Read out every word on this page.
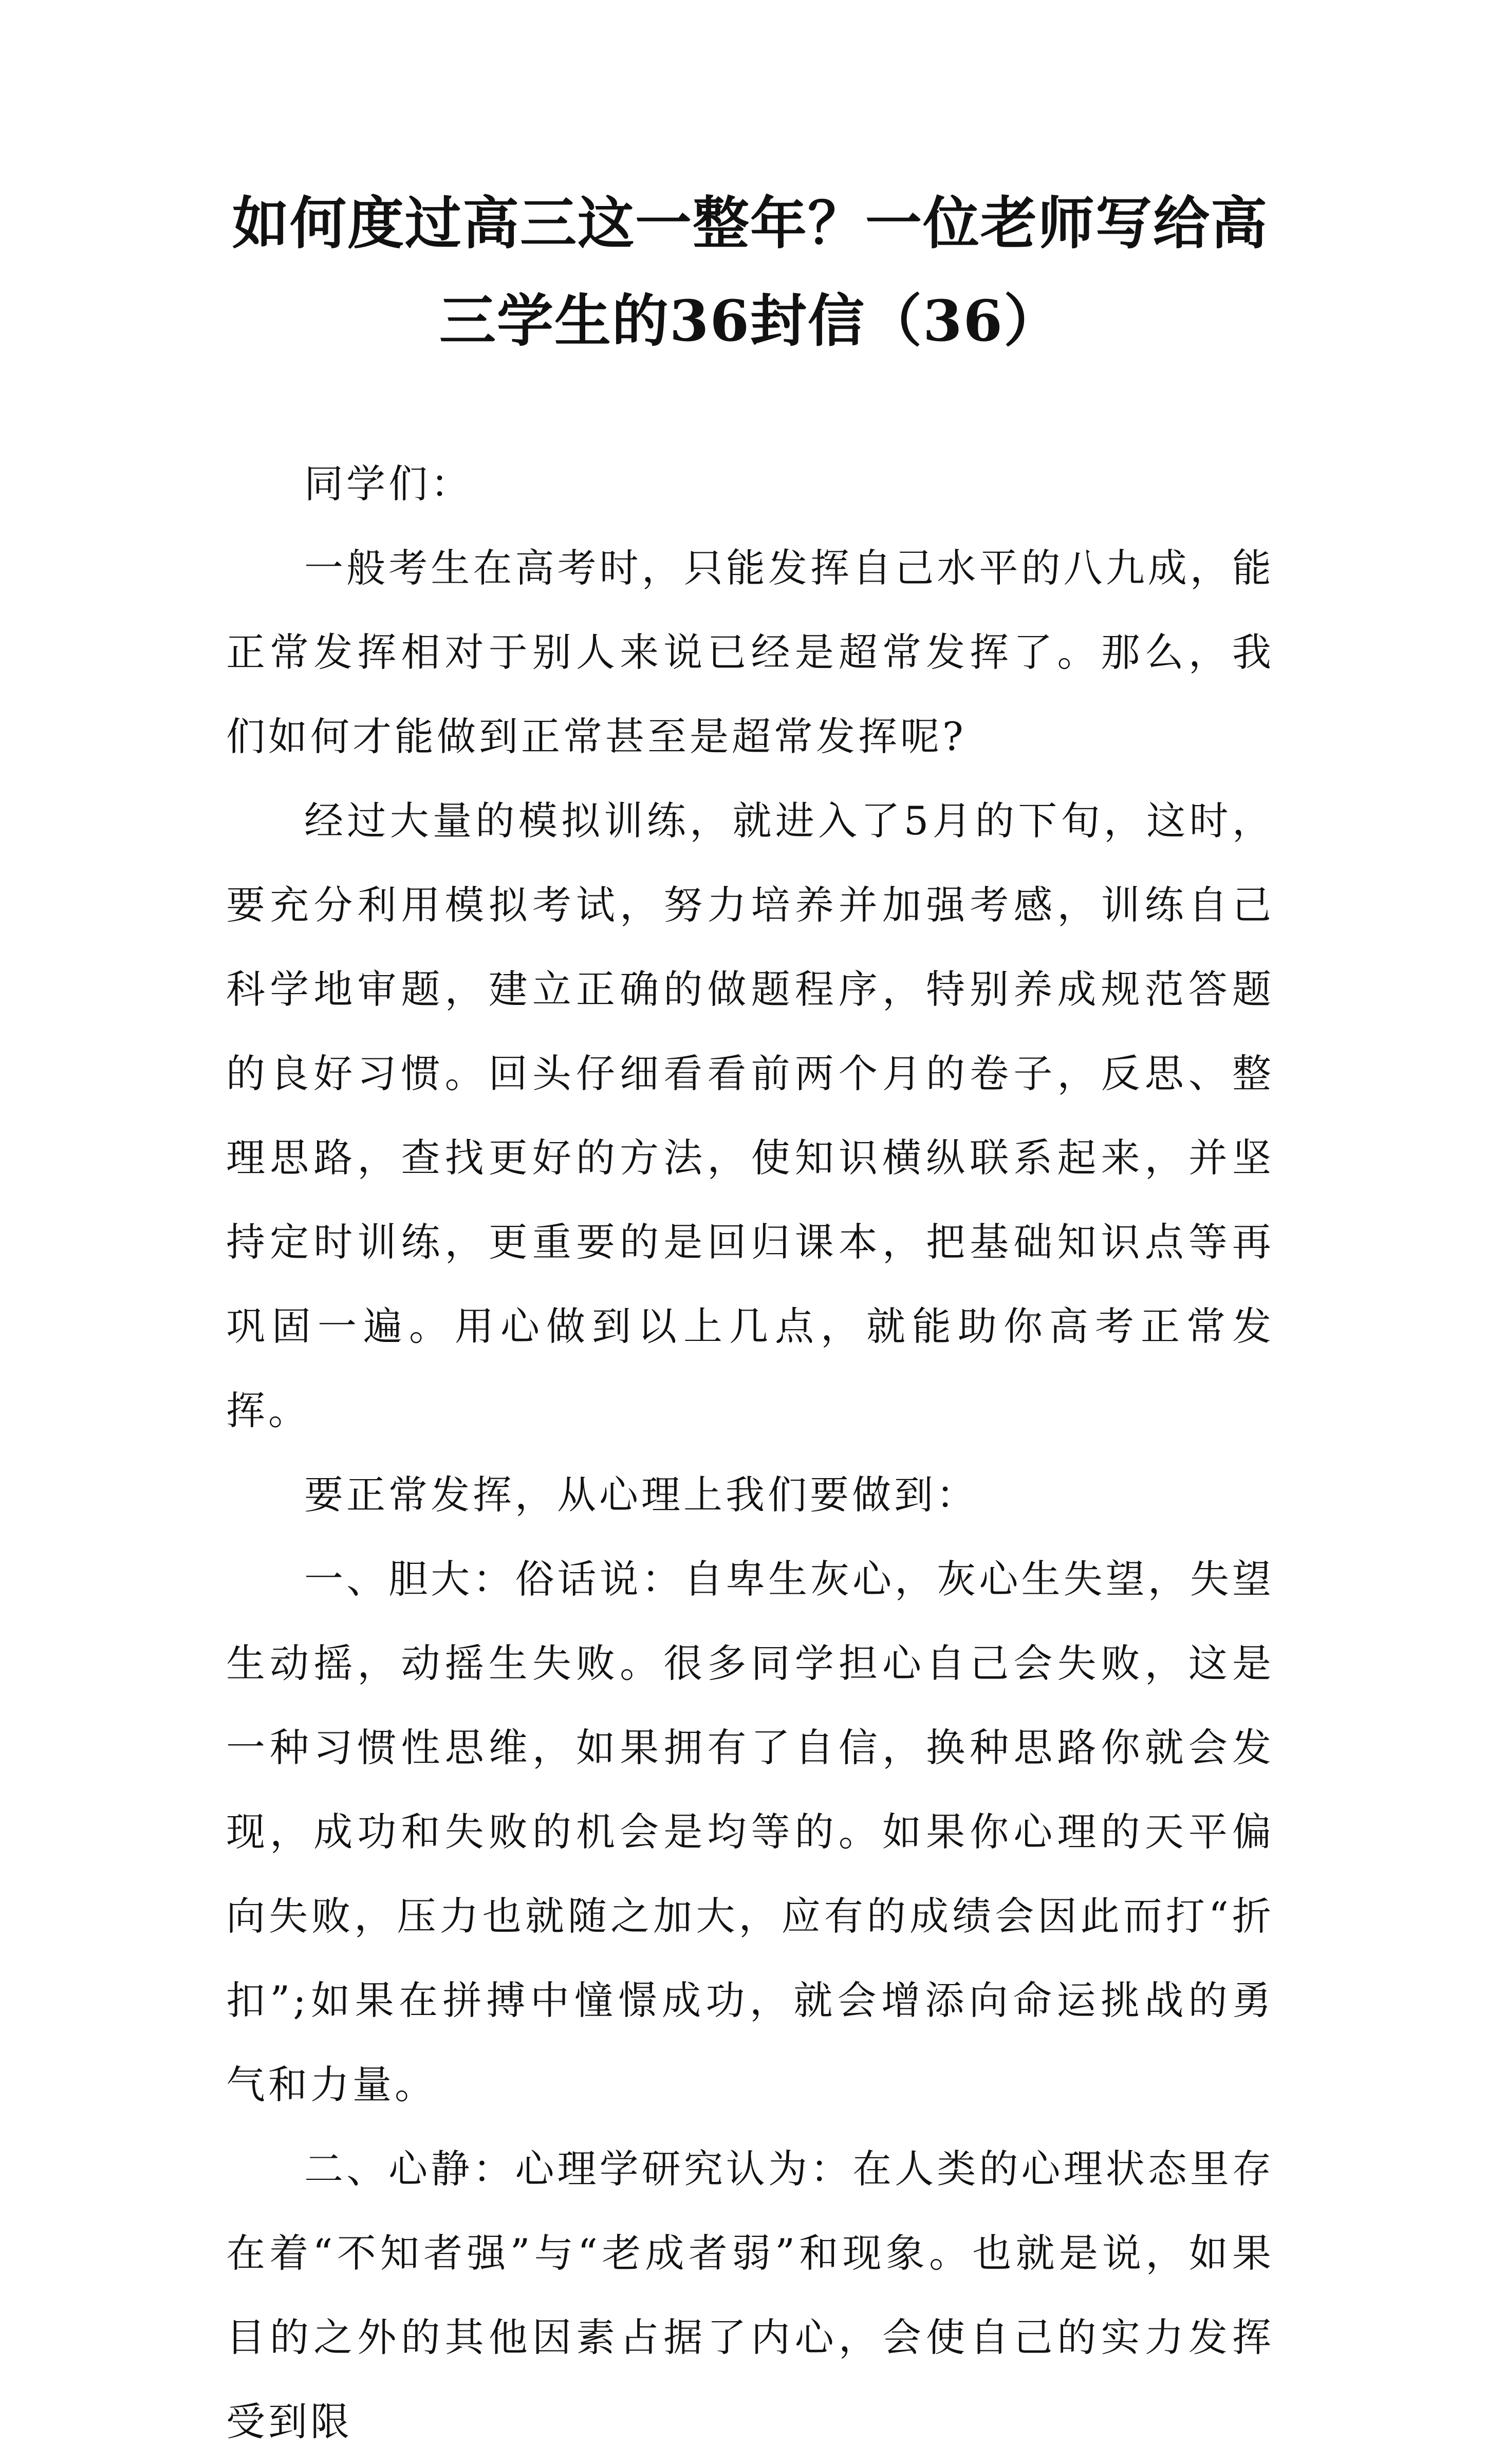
如何度过高三这一整年？一位老师写给高三学生的36封信（36）

同学们：

一般考生在高考时，只能发挥自己水平的八九成，能正常发挥相对于别人来说已经是超常发挥了。那么，我们如何才能做到正常甚至是超常发挥呢?

经过大量的模拟训练，就进入了5月的下旬，这时，要充分利用模拟考试，努力培养并加强考感，训练自己科学地审题，建立正确的做题程序，特别养成规范答题的良好习惯。回头仔细看看前两个月的卷子，反思、整理思路，查找更好的方法，使知识横纵联系起来，并坚持定时训练，更重要的是回归课本，把基础知识点等再巩固一遍。用心做到以上几点，就能助你高考正常发挥。

要正常发挥，从心理上我们要做到：

一、胆大：俗话说：自卑生灰心，灰心生失望，失望生动摇，动摇生失败。很多同学担心自己会失败，这是一种习惯性思维，如果拥有了自信，换种思路你就会发现，成功和失败的机会是均等的。如果你心理的天平偏向失败，压力也就随之加大，应有的成绩会因此而打“折扣”;如果在拼搏中憧憬成功，就会增添向命运挑战的勇气和力量。

二、心静：心理学研究认为：在人类的心理状态里存在着“不知者强”与“老成者弱”和现象。也就是说，如果目的之外的其他因素占据了内心，会使自己的实力发挥受到限
